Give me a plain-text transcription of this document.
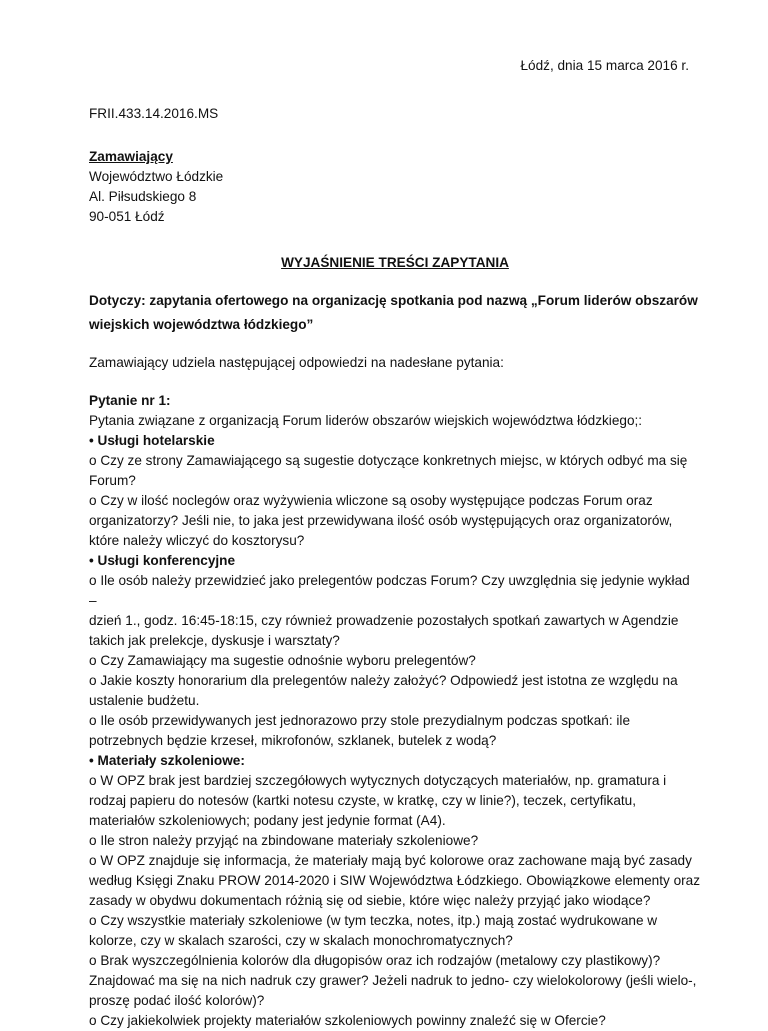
Łódź, dnia 15 marca 2016 r.

FRII.433.14.2016.MS

Zamawiający

Województwo Łódzkie

Al. Piłsudskiego 8

90-051 Łódź

WYJAŚNIENIE TREŚCI ZAPYTANIA

Dotyczy: zapytania ofertowego na organizację spotkania pod nazwą „Forum liderów obszarów

wiejskich województwa łódzkiego”

Zamawiający udziela następującej odpowiedzi na nadesłane pytania:

Pytanie nr 1:

Pytania związane z organizacją Forum liderów obszarów wiejskich województwa łódzkiego;:
• Usługi hotelarskie
o Czy ze strony Zamawiającego są sugestie dotyczące konkretnych miejsc, w których odbyć ma się
Forum?
o Czy w ilość noclegów oraz wyżywienia wliczone są osoby występujące podczas Forum oraz
organizatorzy? Jeśli nie, to jaka jest przewidywana ilość osób występujących oraz organizatorów,
które należy wliczyć do kosztorysu?
• Usługi konferencyjne
o Ile osób należy przewidzieć jako prelegentów podczas Forum? Czy uwzględnia się jedynie wykład –
dzień 1., godz. 16:45-18:15, czy również prowadzenie pozostałych spotkań zawartych w Agendzie
takich jak prelekcje, dyskusje i warsztaty?
o Czy Zamawiający ma sugestie odnośnie wyboru prelegentów?
o Jakie koszty honorarium dla prelegentów należy założyć? Odpowiedź jest istotna ze względu na
ustalenie budżetu.
o Ile osób przewidywanych jest jednorazowo przy stole prezydialnym podczas spotkań: ile
potrzebnych będzie krzeseł, mikrofonów, szklanek, butelek z wodą?
• Materiały szkoleniowe:
o W OPZ brak jest bardziej szczegółowych wytycznych dotyczących materiałów, np. gramatura i
rodzaj papieru do notesów (kartki notesu czyste, w kratkę, czy w linie?), teczek, certyfikatu,
materiałów szkoleniowych; podany jest jedynie format (A4).
o Ile stron należy przyjąć na zbindowane materiały szkoleniowe?
o W OPZ znajduje się informacja, że materiały mają być kolorowe oraz zachowane mają być zasady
według Księgi Znaku PROW 2014-2020 i SIW Województwa Łódzkiego. Obowiązkowe elementy oraz
zasady w obydwu dokumentach różnią się od siebie, które więc należy przyjąć jako wiodące?
o Czy wszystkie materiały szkoleniowe (w tym teczka, notes, itp.) mają zostać wydrukowane w
kolorze, czy w skalach szarości, czy w skalach monochromatycznych?
o Brak wyszczególnienia kolorów dla długopisów oraz ich rodzajów (metalowy czy plastikowy)?
Znajdować ma się na nich nadruk czy grawer? Jeżeli nadruk to jedno- czy wielokolorowy (jeśli wielo-,
proszę podać ilość kolorów)?
o Czy jakiekolwiek projekty materiałów szkoleniowych powinny znaleźć się w Ofercie?
